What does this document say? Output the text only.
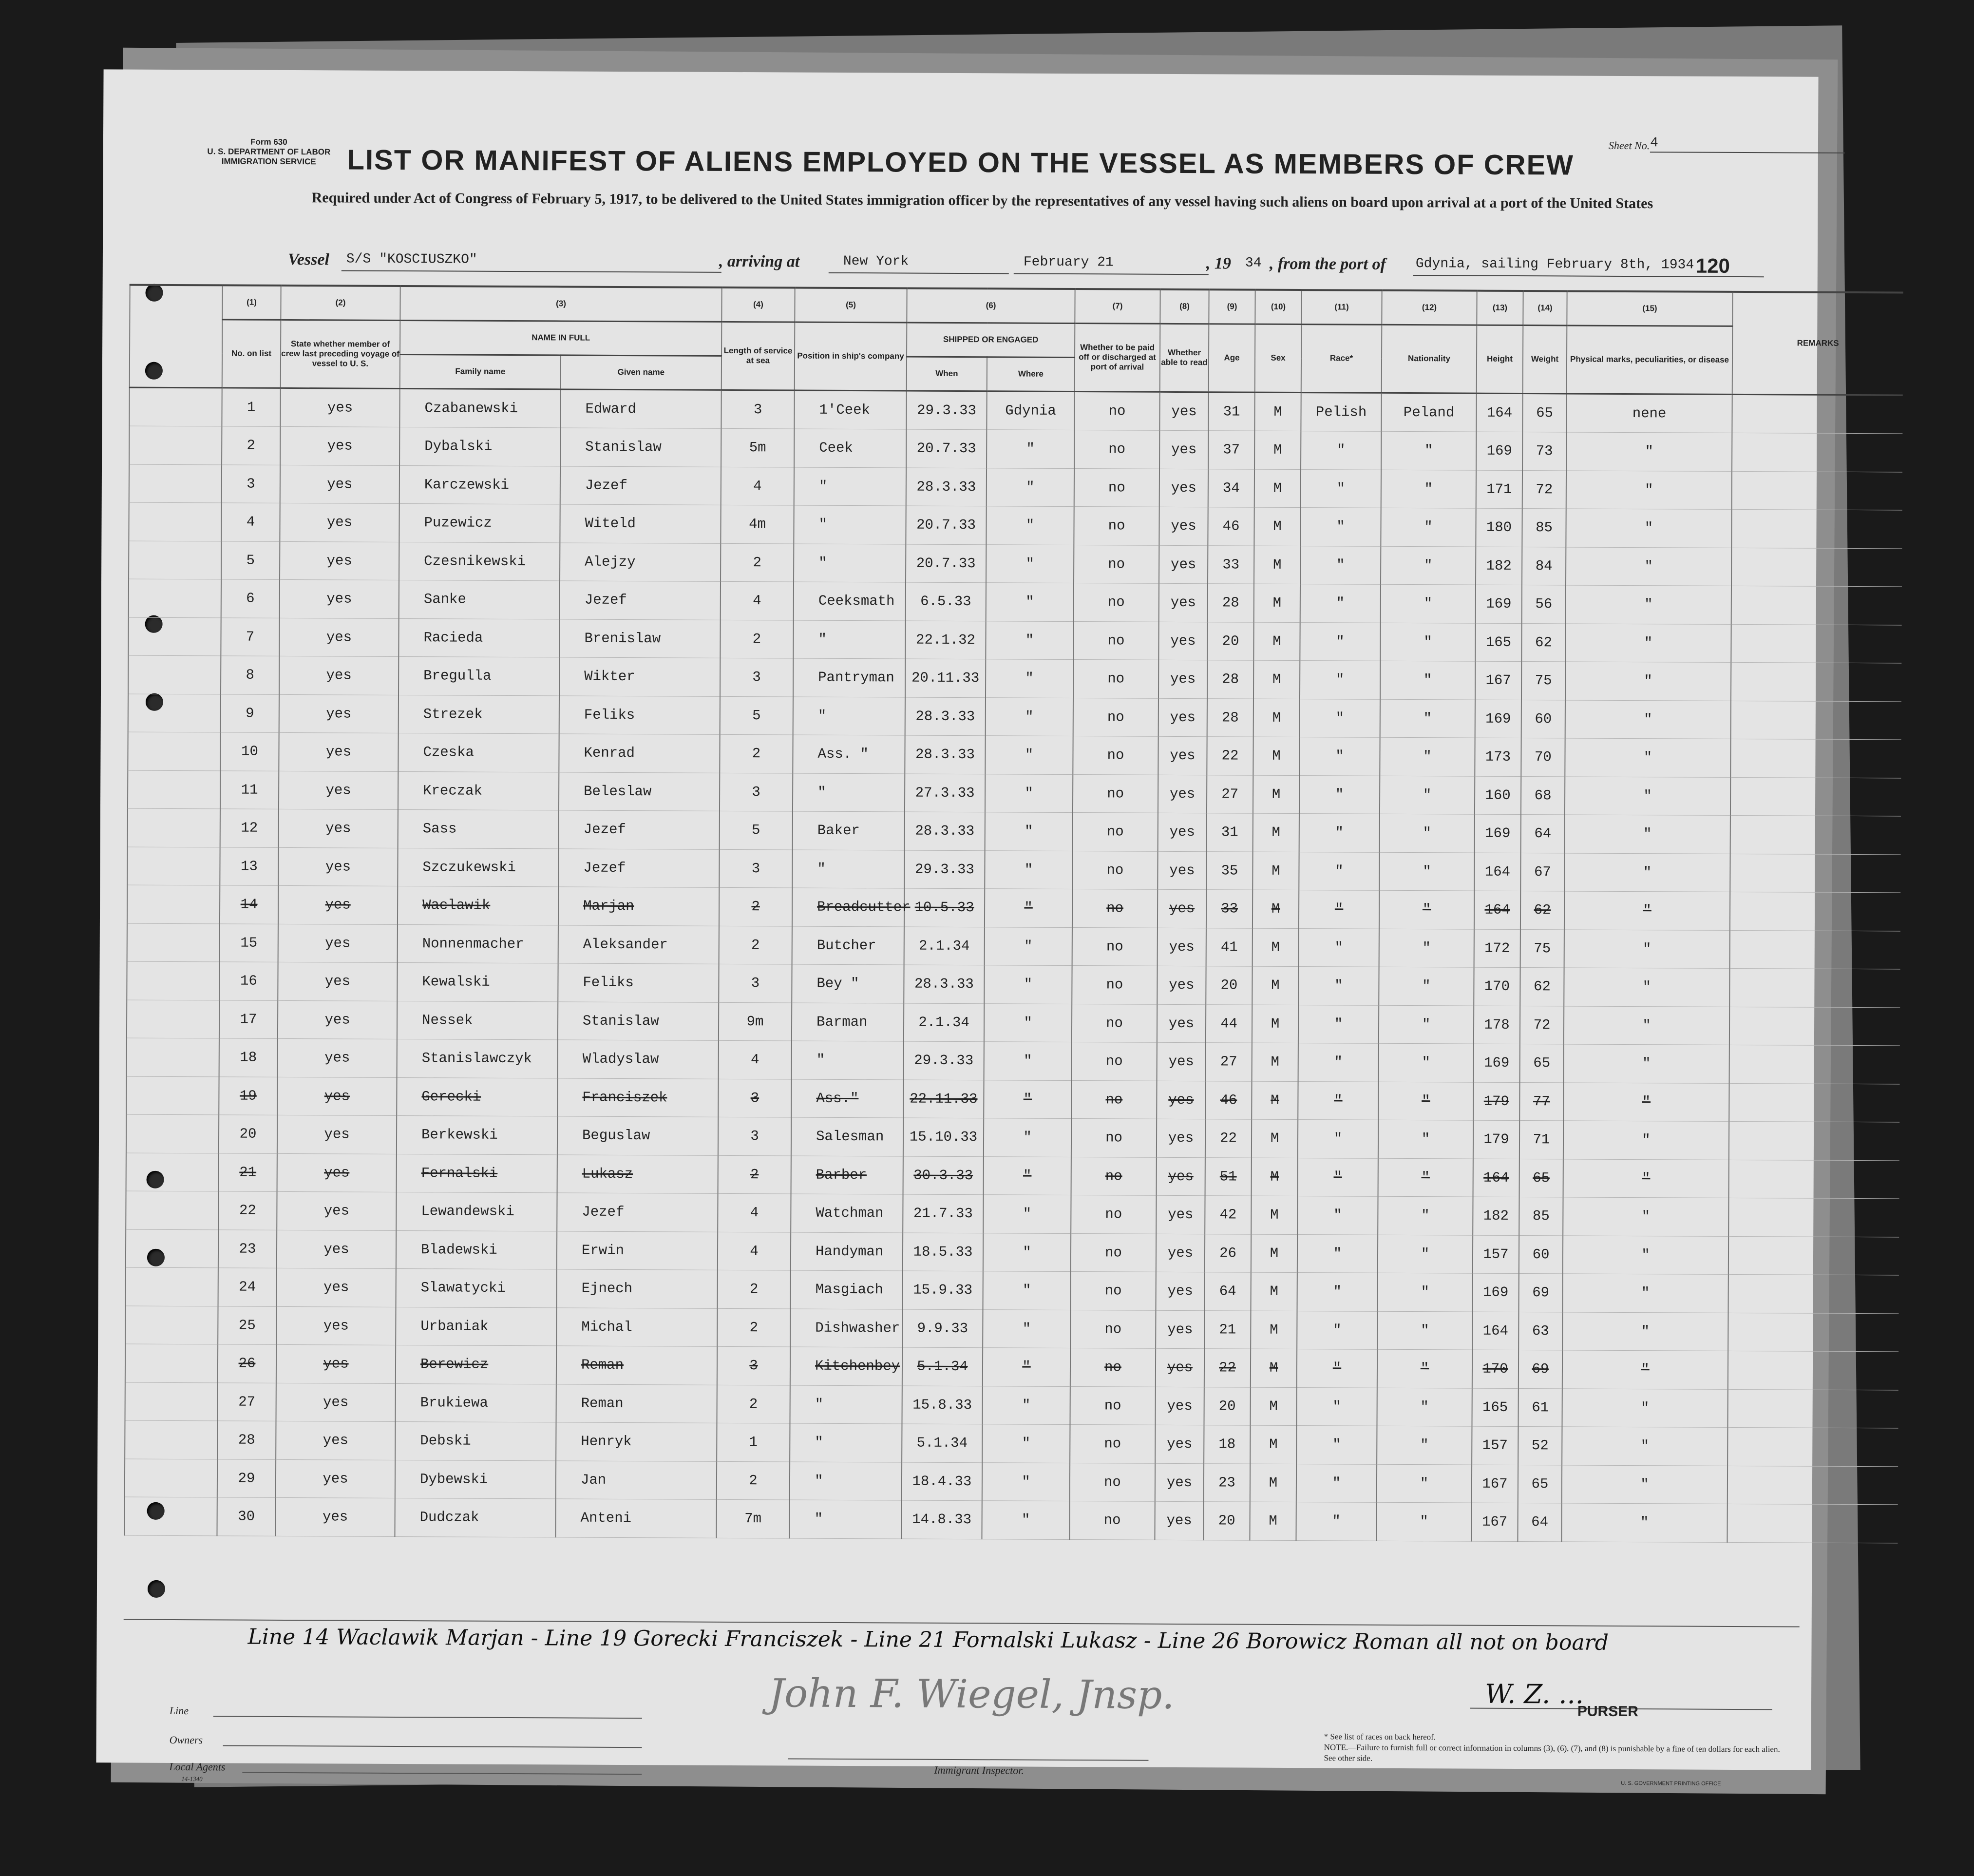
Form 630
U. S. DEPARTMENT OF LABOR
IMMIGRATION SERVICE
Sheet No. 4
LIST OR MANIFEST OF ALIENS EMPLOYED ON THE VESSEL AS MEMBERS OF CREW
Required under Act of Congress of February 5, 1917, to be delivered to the United States immigration officer by the representatives of any vessel having such aliens on board upon arrival at a port of the United States
Vessel S/S "KOSCIUSZKO"	, arriving at	New York	February 21	, 19 34 , from the port of Gdynia, sailing February 8th, 1934 120
	(1)	(2)	(3)		(4)	(5)	(6)		(7)	(8)	(9)	(10)	(11)	(12)	(13)	(14)	(15)	REMARKS
	No. on list	State whether member of crew last preceding voyage of vessel to U. S.	NAME IN FULL		Length of service at sea	Position in ship's company	SHIPPED OR ENGAGED		Whether to be paid off or discharged at port of arrival	Whether able to read	Age	Sex	Race*	Nationality	Height	Weight	Physical marks, peculiarities, or disease	
			Family name	Given name			When	Where										
	1	yes	Czabanewski	Edward	3	1'Ceek	29.3.33	Gdynia	no	yes	31	M	Pelish	Peland	164	65	nene	
	2	yes	Dybalski	Stanislaw	5m	Ceek	20.7.33	"	no	yes	37	M	"	"	169	73	"	
	3	yes	Karczewski	Jezef	4	"	28.3.33	"	no	yes	34	M	"	"	171	72	"	
	4	yes	Puzewicz	Witeld	4m	"	20.7.33	"	no	yes	46	M	"	"	180	85	"	
	5	yes	Czesnikewski	Alejzy	2	"	20.7.33	"	no	yes	33	M	"	"	182	84	"	
	6	yes	Sanke	Jezef	4	Ceeksmath	6.5.33	"	no	yes	28	M	"	"	169	56	"	
	7	yes	Racieda	Brenislaw	2	"	22.1.32	"	no	yes	20	M	"	"	165	62	"	
	8	yes	Bregulla	Wikter	3	Pantryman	20.11.33	"	no	yes	28	M	"	"	167	75	"	
	9	yes	Strezek	Feliks	5	"	28.3.33	"	no	yes	28	M	"	"	169	60	"	
	10	yes	Czeska	Kenrad	2	Ass. "	28.3.33	"	no	yes	22	M	"	"	173	70	"	
	11	yes	Kreczak	Beleslaw	3	"	27.3.33	"	no	yes	27	M	"	"	160	68	"	
	12	yes	Sass	Jezef	5	Baker	28.3.33	"	no	yes	31	M	"	"	169	64	"	
	13	yes	Szczukewski	Jezef	3	"	29.3.33	"	no	yes	35	M	"	"	164	67	"	
	14	yes	Waclawik	Marjan	2	Breadcutter	10.5.33	"	no	yes	33	M	"	"	164	62	"	
	15	yes	Nonnenmacher	Aleksander	2	Butcher	2.1.34	"	no	yes	41	M	"	"	172	75	"	
	16	yes	Kewalski	Feliks	3	Bey "	28.3.33	"	no	yes	20	M	"	"	170	62	"	
	17	yes	Nessek	Stanislaw	9m	Barman	2.1.34	"	no	yes	44	M	"	"	178	72	"	
	18	yes	Stanislawczyk	Wladyslaw	4	"	29.3.33	"	no	yes	27	M	"	"	169	65	"	
	19	yes	Gerecki	Franciszek	3	Ass."	22.11.33	"	no	yes	46	M	"	"	179	77	"	
	20	yes	Berkewski	Beguslaw	3	Salesman	15.10.33	"	no	yes	22	M	"	"	179	71	"	
	21	yes	Fernalski	Lukasz	2	Barber	30.3.33	"	no	yes	51	M	"	"	164	65	"	
	22	yes	Lewandewski	Jezef	4	Watchman	21.7.33	"	no	yes	42	M	"	"	182	85	"	
	23	yes	Bladewski	Erwin	4	Handyman	18.5.33	"	no	yes	26	M	"	"	157	60	"	
	24	yes	Slawatycki	Ejnech	2	Masgiach	15.9.33	"	no	yes	64	M	"	"	169	69	"	
	25	yes	Urbaniak	Michal	2	Dishwasher	9.9.33	"	no	yes	21	M	"	"	164	63	"	
	26	yes	Berewicz	Reman	3	Kitchenbey	5.1.34	"	no	yes	22	M	"	"	170	69	"	
	27	yes	Brukiewa	Reman	2	"	15.8.33	"	no	yes	20	M	"	"	165	61	"	
	28	yes	Debski	Henryk	1	"	5.1.34	"	no	yes	18	M	"	"	157	52	"	
	29	yes	Dybewski	Jan	2	"	18.4.33	"	no	yes	23	M	"	"	167	65	"	
	30	yes	Dudczak	Anteni	7m	"	14.8.33	"	no	yes	20	M	"	"	167	64	"	
Line 14 Waclawik Marjan - Line 19 Gorecki Franciszek - Line 21 Fornalski Lukasz - Line 26 Borowicz Roman all not on board
Line
Owners
Local Agents
14-1340
John F. Wiegel, Jnsp.
Immigrant Inspector.
W. Z. ...
PURSER
* See list of races on back hereof.
NOTE.—Failure to furnish full or correct information in columns (3), (6), (7), and (8) is punishable by a fine of ten dollars for each alien. See other side.
U. S. GOVERNMENT PRINTING OFFICE
